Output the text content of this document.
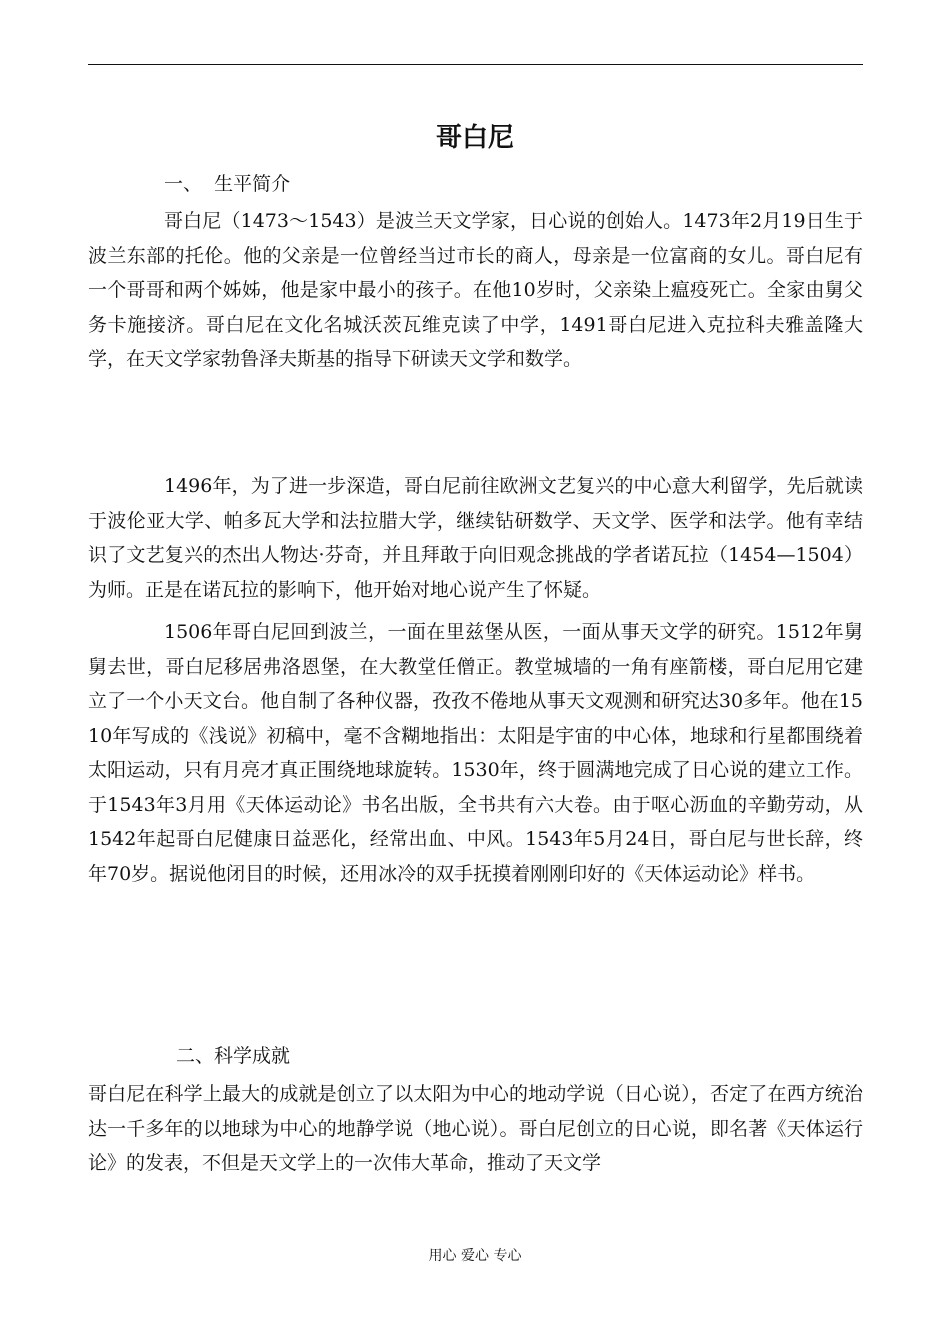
哥白尼

一、  生平简介

哥白尼（1473～1543）是波兰天文学家，日心说的创始人。1473年2月19日生于波兰东部的托伦。他的父亲是一位曾经当过市长的商人，母亲是一位富商的女儿。哥白尼有一个哥哥和两个姊姊，他是家中最小的孩子。在他10岁时，父亲染上瘟疫死亡。全家由舅父务卡施接济。哥白尼在文化名城沃茨瓦维克读了中学，1491哥白尼进入克拉科夫雅盖隆大学，在天文学家勃鲁泽夫斯基的指导下研读天文学和数学。

1496年，为了进一步深造，哥白尼前往欧洲文艺复兴的中心意大利留学，先后就读于波伦亚大学、帕多瓦大学和法拉腊大学，继续钻研数学、天文学、医学和法学。他有幸结识了文艺复兴的杰出人物达·芬奇，并且拜敢于向旧观念挑战的学者诺瓦拉（1454—1504）为师。正是在诺瓦拉的影响下，他开始对地心说产生了怀疑。

1506年哥白尼回到波兰，一面在里兹堡从医，一面从事天文学的研究。1512年舅舅去世，哥白尼移居弗洛恩堡，在大教堂任僧正。教堂城墙的一角有座箭楼，哥白尼用它建立了一个小天文台。他自制了各种仪器，孜孜不倦地从事天文观测和研究达30多年。他在1510年写成的《浅说》初稿中，毫不含糊地指出：太阳是宇宙的中心体，地球和行星都围绕着太阳运动，只有月亮才真正围绕地球旋转。1530年，终于圆满地完成了日心说的建立工作。于1543年3月用《天体运动论》书名出版，全书共有六大卷。由于呕心沥血的辛勤劳动，从1542年起哥白尼健康日益恶化，经常出血、中风。1543年5月24日，哥白尼与世长辞，终年70岁。据说他闭目的时候，还用冰冷的双手抚摸着刚刚印好的《天体运动论》样书。

二、科学成就

哥白尼在科学上最大的成就是创立了以太阳为中心的地动学说（日心说），否定了在西方统治达一千多年的以地球为中心的地静学说（地心说）。哥白尼创立的日心说，即名著《天体运行论》的发表，不但是天文学上的一次伟大革命，推动了天文学

用心 爱心 专心
